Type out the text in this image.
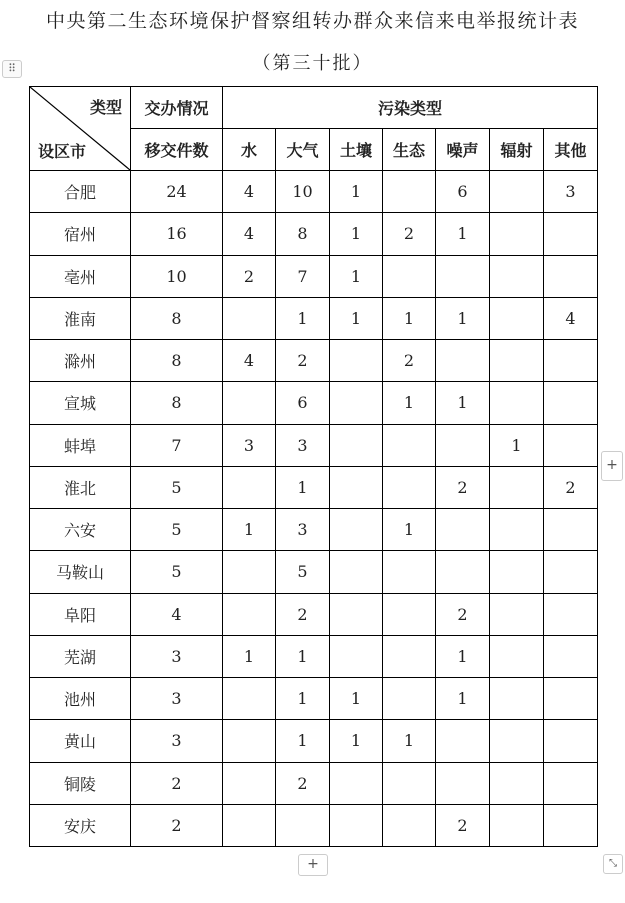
中央第二生态环境保护督察组转办群众来信来电举报统计表
（第三十批）
⠿
类型
设区市	交办情况	污染类型						
	移交件数	水	大气	土壤	生态	噪声	辐射	其他
合肥	24	4	10	1		6		3
宿州	16	4	8	1	2	1		
亳州	10	2	7	1				
淮南	8		1	1	1	1		4
滁州	8	4	2		2			
宣城	8		6		1	1		
蚌埠	7	3	3				1	
淮北	5		1			2		2
六安	5	1	3		1			
马鞍山	5		5					
阜阳	4		2			2		
芜湖	3	1	1			1		
池州	3		1	1		1		
黄山	3		1	1	1			
铜陵	2		2					
安庆	2					2		
+
+	⤡
